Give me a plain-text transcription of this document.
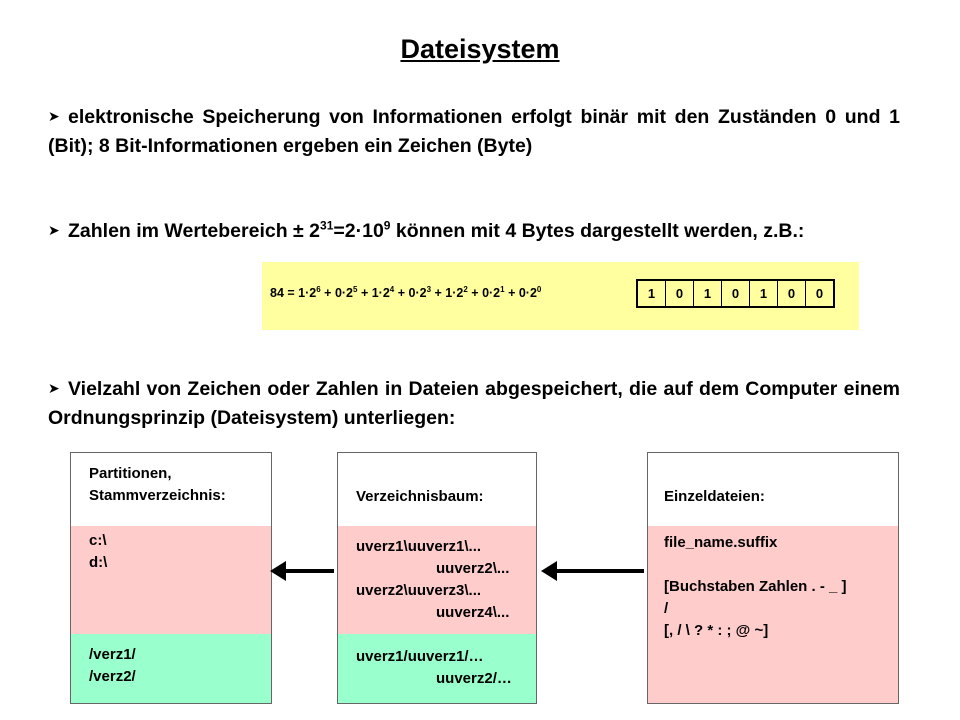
Dateisystem
➤ elektronische Speicherung von Informationen erfolgt binär mit den Zuständen 0 und 1 (Bit); 8 Bit-Informationen ergeben ein Zeichen (Byte)
➤ Zahlen im Wertebereich ± $2^{31}=2\cdot 10^9$ können mit 4 Bytes dargestellt werden, z.B.:
$84 = 1\cdot 2^6 + 0\cdot 2^5 + 1\cdot 2^4 + 0\cdot 2^3 + 1\cdot 2^2 + 0\cdot 2^1 + 0\cdot 2^0$	1	0	1	0	1	0	0
➤ Vielzahl von Zeichen oder Zahlen in Dateien abgespeichert, die auf dem Computer einem Ordnungsprinzip (Dateisystem) unterliegen:
Partitionen,
Stammverzeichnis:
c:\
d:\
/verz1/
/verz2/
Verzeichnisbaum:
uverz1\uuverz1\...
uuverz2\...
uverz2\uuverz3\...
uuverz4\...
uverz1/uuverz1/…
uuverz2/…
Einzeldateien:
file_name.suffix
[Buchstaben Zahlen . - _ ]
/
[, / \ ? * : ; @ ~]
